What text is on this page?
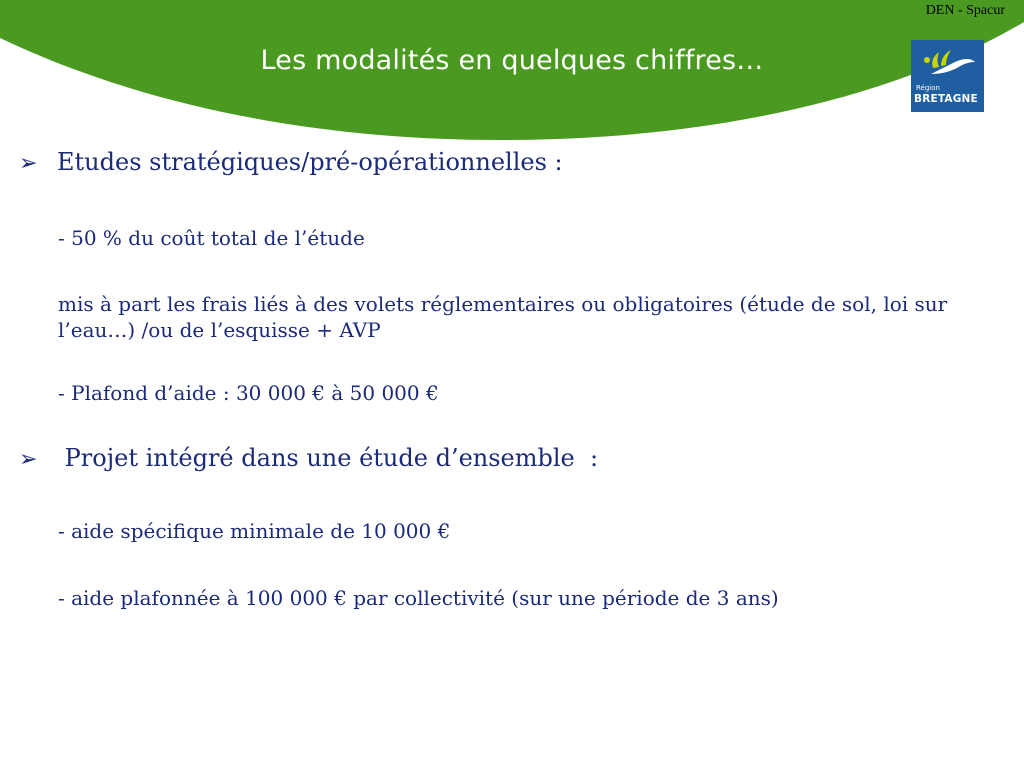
DEN - Spacur
Les modalités en quelques chiffres…
Région
BRETAGNE
➢ Etudes stratégiques/pré-opérationnelles :
- 50 % du coût total de l’étude
mis à part les frais liés à des volets réglementaires ou obligatoires (étude de sol, loi sur l’eau…) /ou de l’esquisse + AVP
- Plafond d’aide : 30 000 € à 50 000 €
➢ Projet intégré dans une étude d’ensemble  :
- aide spécifique minimale de 10 000 €
- aide plafonnée à 100 000 € par collectivité (sur une période de 3 ans)
